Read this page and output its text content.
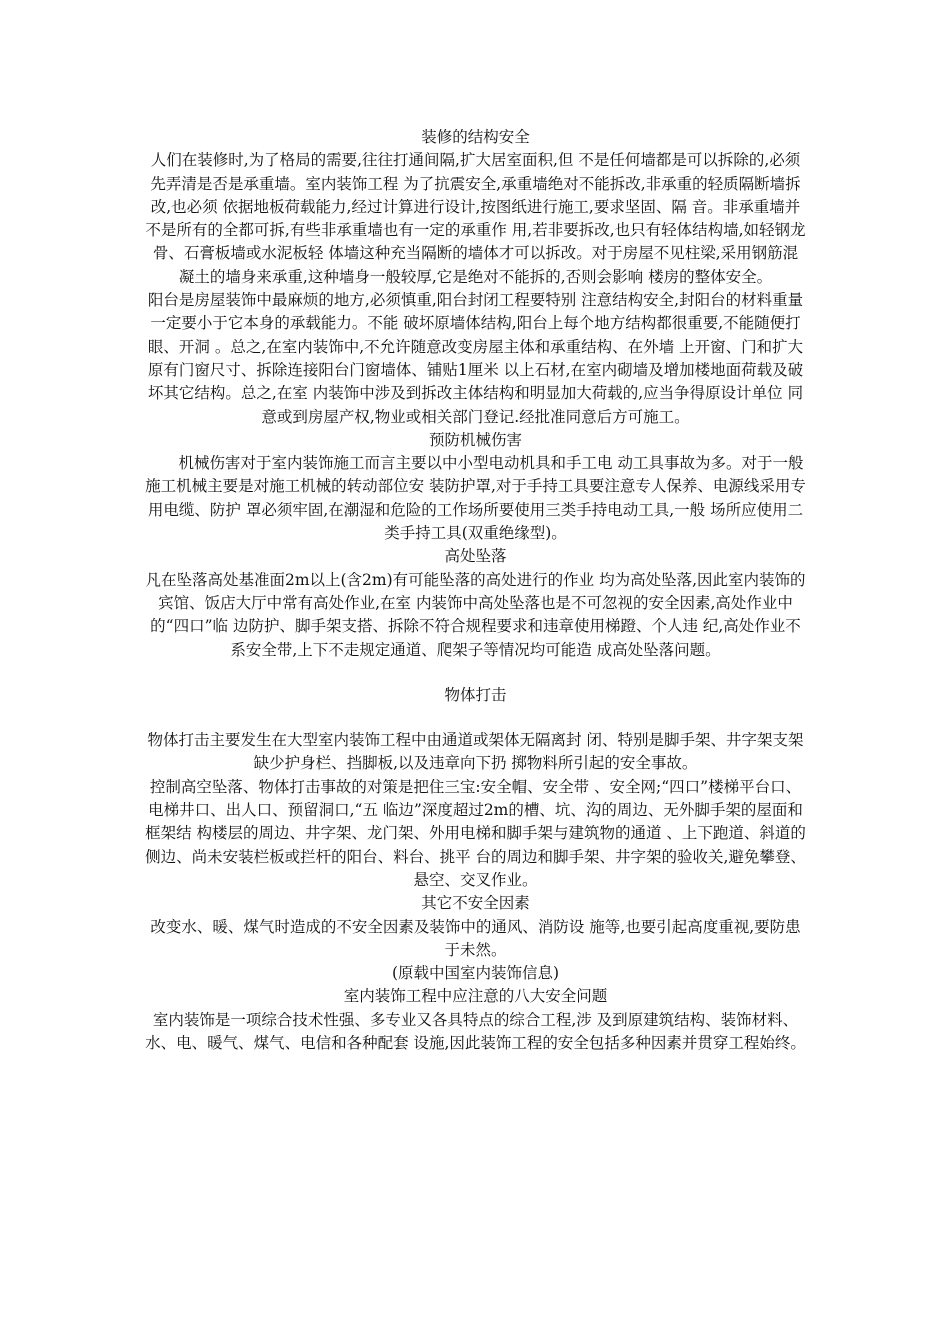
装修的结构安全
人们在装修时,为了格局的需要,往往打通间隔,扩大居室面积,但 不是任何墙都是可以拆除的,必须先弄清是否是承重墙。室内装饰工程 为了抗震安全,承重墙绝对不能拆改,非承重的轻质隔断墙拆改,也必须 依据地板荷载能力,经过计算进行设计,按图纸进行施工,要求坚固、隔 音。非承重墙并不是所有的全都可拆,有些非承重墙也有一定的承重作 用,若非要拆改,也只有轻体结构墙,如轻钢龙骨、石膏板墙或水泥板轻 体墙这种充当隔断的墙体才可以拆改。对于房屋不见柱梁,采用钢筋混 凝土的墙身来承重,这种墙身一般较厚,它是绝对不能拆的,否则会影响 楼房的整体安全。
阳台是房屋装饰中最麻烦的地方,必须慎重,阳台封闭工程要特别 注意结构安全,封阳台的材料重量一定要小于它本身的承载能力。不能 破坏原墙体结构,阳台上每个地方结构都很重要,不能随便打眼、开洞 。总之,在室内装饰中,不允许随意改变房屋主体和承重结构、在外墙 上开窗、门和扩大原有门窗尺寸、拆除连接阳台门窗墙体、铺贴1厘米 以上石材,在室内砌墙及增加楼地面荷载及破坏其它结构。总之,在室 内装饰中涉及到拆改主体结构和明显加大荷载的,应当争得原设计单位 同意或到房屋产权,物业或相关部门登记.经批准同意后方可施工。
预防机械伤害
机械伤害对于室内装饰施工而言主要以中小型电动机具和手工电 动工具事故为多。对于一般施工机械主要是对施工机械的转动部位安 装防护罩,对于手持工具要注意专人保养、电源线采用专用电缆、防护 罩必须牢固,在潮湿和危险的工作场所要使用三类手持电动工具,一般 场所应使用二类手持工具(双重绝缘型)。
高处坠落
凡在坠落高处基准面2m以上(含2m)有可能坠落的高处进行的作业 均为高处坠落,因此室内装饰的宾馆、饭店大厅中常有高处作业,在室 内装饰中高处坠落也是不可忽视的安全因素,高处作业中的“四口”临 边防护、脚手架支搭、拆除不符合规程要求和违章使用梯蹬、个人违 纪,高处作业不系安全带,上下不走规定通道、爬架子等情况均可能造 成高处坠落问题。
物体打击
物体打击主要发生在大型室内装饰工程中由通道或架体无隔离封 闭、特别是脚手架、井字架支架缺少护身栏、挡脚板,以及违章向下扔 掷物料所引起的安全事故。
控制高空坠落、物体打击事故的对策是把住三宝:安全帽、安全带 、安全网;“四口”楼梯平台口、电梯井口、出人口、预留洞口,“五 临边”深度超过2m的槽、坑、沟的周边、无外脚手架的屋面和框架结 构楼层的周边、井字架、龙门架、外用电梯和脚手架与建筑物的通道 、上下跑道、斜道的侧边、尚未安装栏板或拦杆的阳台、料台、挑平 台的周边和脚手架、井字架的验收关,避免攀登、悬空、交叉作业。
其它不安全因素
改变水、暖、煤气时造成的不安全因素及装饰中的通风、消防设 施等,也要引起高度重视,要防患于未然。
(原载中国室内装饰信息)
室内装饰工程中应注意的八大安全问题
室内装饰是一项综合技术性强、多专业又各具特点的综合工程,涉 及到原建筑结构、装饰材料、水、电、暖气、煤气、电信和各种配套 设施,因此装饰工程的安全包括多种因素并贯穿工程始终。
